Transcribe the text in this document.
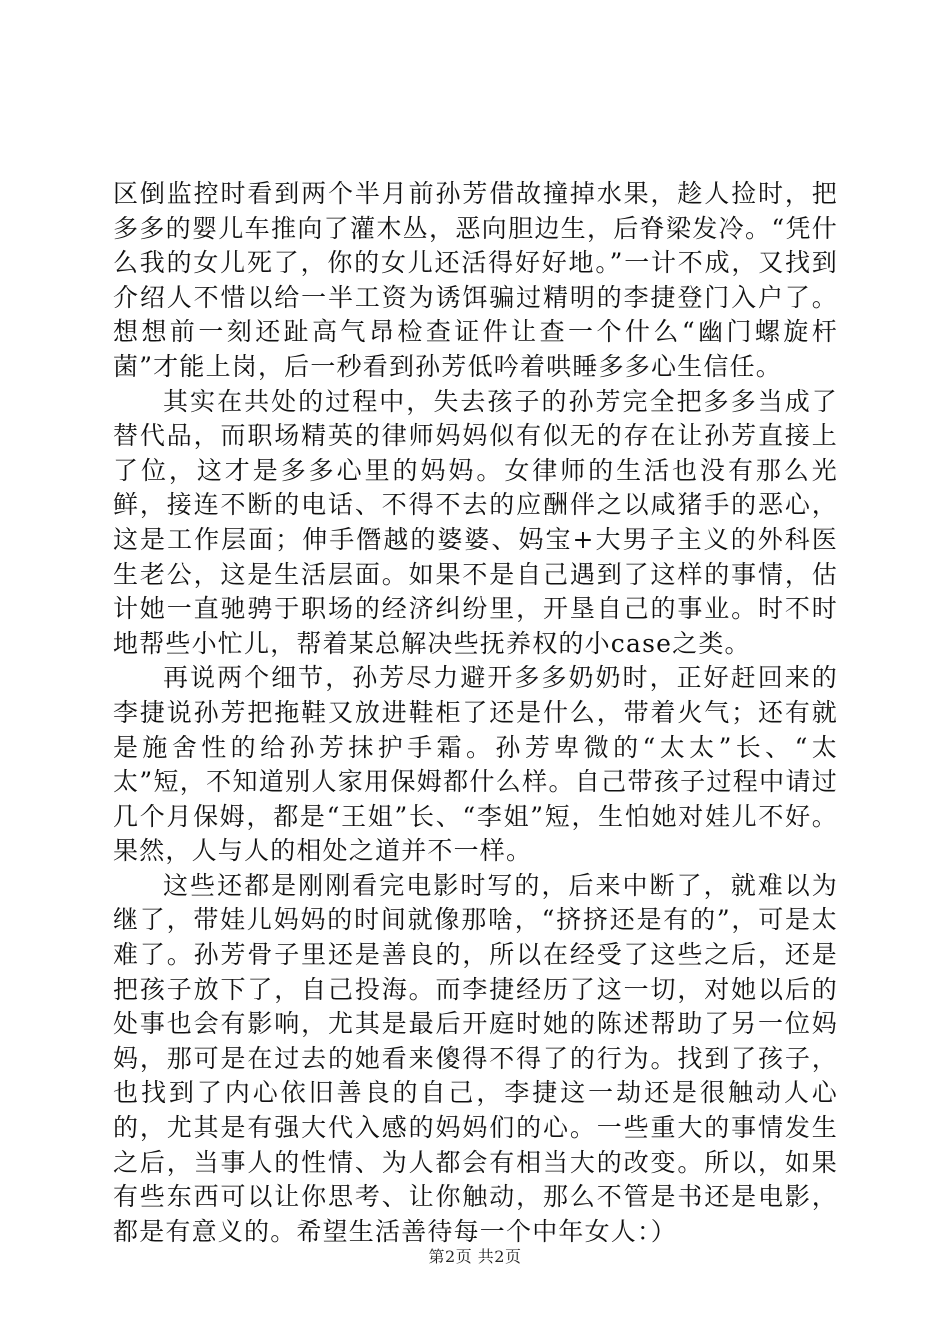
区倒监控时看到两个半月前孙芳借故撞掉水果，趁人捡时，把多多的婴儿车推向了灌木丛，恶向胆边生，后脊梁发冷。“凭什么我的女儿死了，你的女儿还活得好好地。”一计不成，又找到介绍人不惜以给一半工资为诱饵骗过精明的李捷登门入户了。想想前一刻还趾高气昂检查证件让查一个什么“幽门螺旋杆菌”才能上岗，后一秒看到孙芳低吟着哄睡多多心生信任。

其实在共处的过程中，失去孩子的孙芳完全把多多当成了替代品，而职场精英的律师妈妈似有似无的存在让孙芳直接上了位，这才是多多心里的妈妈。女律师的生活也没有那么光鲜，接连不断的电话、不得不去的应酬伴之以咸猪手的恶心，这是工作层面；伸手僭越的婆婆、妈宝+大男子主义的外科医生老公，这是生活层面。如果不是自己遇到了这样的事情，估计她一直驰骋于职场的经济纠纷里，开垦自己的事业。时不时地帮些小忙儿，帮着某总解决些抚养权的小case之类。

再说两个细节，孙芳尽力避开多多奶奶时，正好赶回来的李捷说孙芳把拖鞋又放进鞋柜了还是什么，带着火气；还有就是施舍性的给孙芳抹护手霜。孙芳卑微的“太太”长、“太太”短，不知道别人家用保姆都什么样。自己带孩子过程中请过几个月保姆，都是“王姐”长、“李姐”短，生怕她对娃儿不好。果然，人与人的相处之道并不一样。

这些还都是刚刚看完电影时写的，后来中断了，就难以为继了，带娃儿妈妈的时间就像那啥，“挤挤还是有的”，可是太难了。孙芳骨子里还是善良的，所以在经受了这些之后，还是把孩子放下了，自己投海。而李捷经历了这一切，对她以后的处事也会有影响，尤其是最后开庭时她的陈述帮助了另一位妈妈，那可是在过去的她看来傻得不得了的行为。找到了孩子，也找到了内心依旧善良的自己，李捷这一劫还是很触动人心的，尤其是有强大代入感的妈妈们的心。一些重大的事情发生之后，当事人的性情、为人都会有相当大的改变。所以，如果有些东西可以让你思考、让你触动，那么不管是书还是电影，都是有意义的。希望生活善待每一个中年女人：）

第2页 共2页
